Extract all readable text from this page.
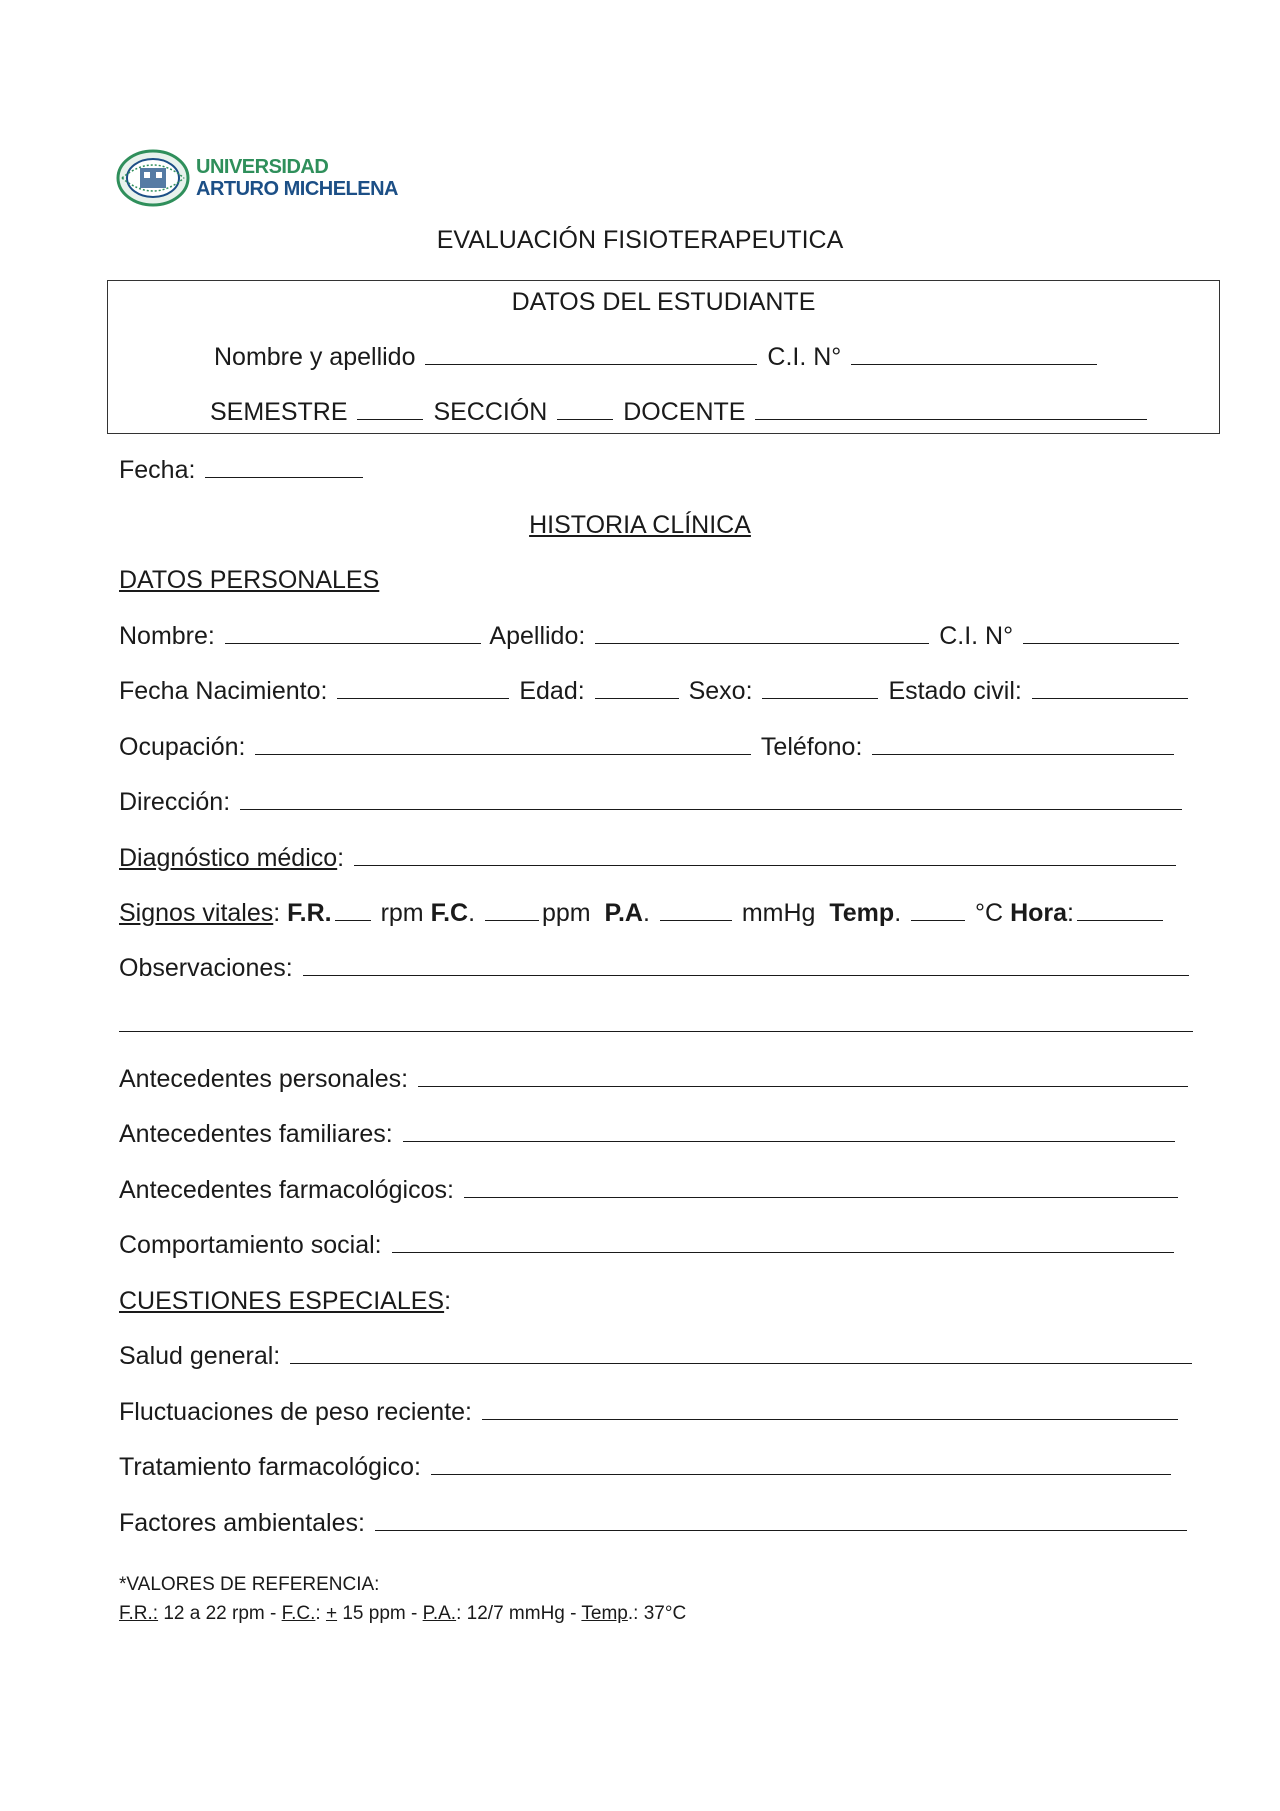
UNIVERSIDAD
ARTURO MICHELENA
EVALUACIÓN FISIOTERAPEUTICA
DATOS DEL ESTUDIANTE
Nombre y apellido	C.I. N°
SEMESTRE	SECCIÓN	DOCENTE
Fecha:
HISTORIA CLÍNICA
DATOS PERSONALES
Nombre:	Apellido:	C.I. N°
Fecha Nacimiento:	Edad:	Sexo:	Estado civil:
Ocupación:	Teléfono:
Dirección:
Diagnóstico médico:
Signos vitales: F.R. rpm F.C.	ppm P.A.	mmHg Temp.	°C Hora:
Observaciones:
Antecedentes personales:
Antecedentes familiares:
Antecedentes farmacológicos:
Comportamiento social:
CUESTIONES ESPECIALES:
Salud general:
Fluctuaciones de peso reciente:
Tratamiento farmacológico:
Factores ambientales:
*VALORES DE REFERENCIA:
F.R.: 12 a 22 rpm - F.C.: + 15 ppm - P.A.: 12/7 mmHg - Temp.: 37°C
